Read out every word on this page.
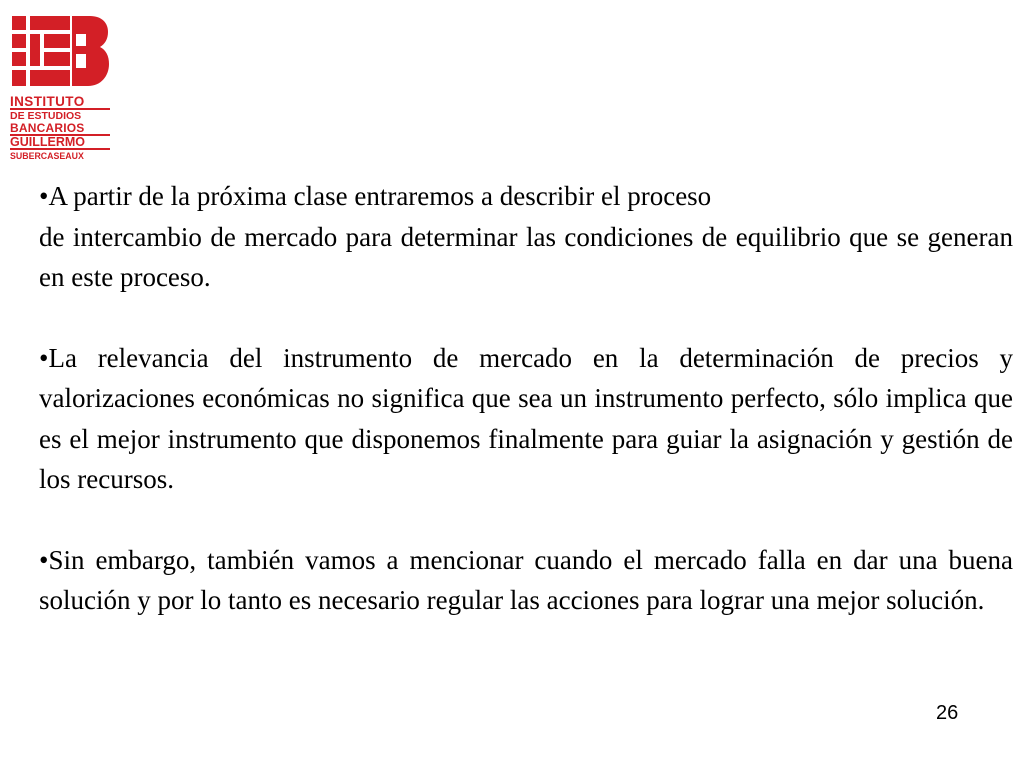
INSTITUTO
DE ESTUDIOS
BANCARIOS
GUILLERMO
SUBERCASEAUX

•A partir de la próxima clase entraremos a describir el proceso
de intercambio de mercado para determinar las condiciones de equilibrio que se generan en este proceso.

•La relevancia del instrumento de mercado en la determinación de precios y valorizaciones económicas no significa que sea un instrumento perfecto, sólo implica que es el mejor instrumento que disponemos finalmente para guiar la asignación y gestión de los recursos.

•Sin embargo, también vamos a mencionar cuando el mercado falla en dar una buena solución y por lo tanto es necesario regular las acciones para lograr una mejor solución.

26
